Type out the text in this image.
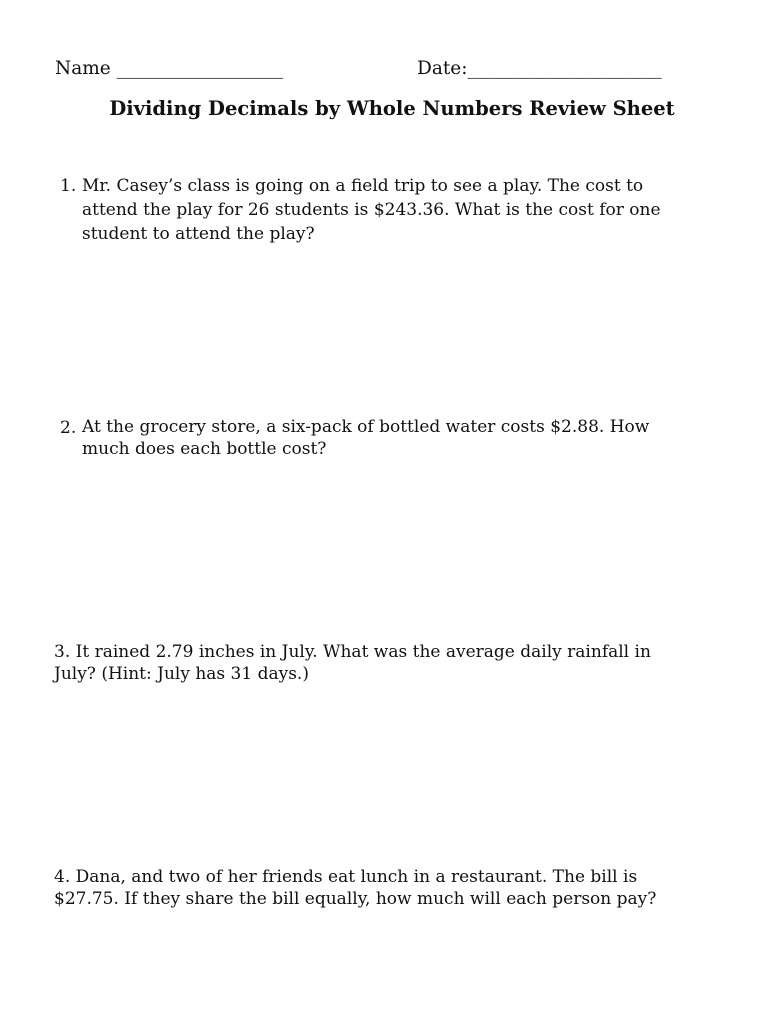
Name __________________	Date:_____________________
Dividing Decimals by Whole Numbers Review Sheet
1. Mr. Casey’s class is going on a field trip to see a play. The cost to
attend the play for 26 students is $243.36. What is the cost for one
student to attend the play?
2. At the grocery store, a six-pack of bottled water costs $2.88. How
much does each bottle cost?
3. It rained 2.79 inches in July. What was the average daily rainfall in
July? (Hint: July has 31 days.)
4. Dana, and two of her friends eat lunch in a restaurant. The bill is
$27.75. If they share the bill equally, how much will each person pay?
